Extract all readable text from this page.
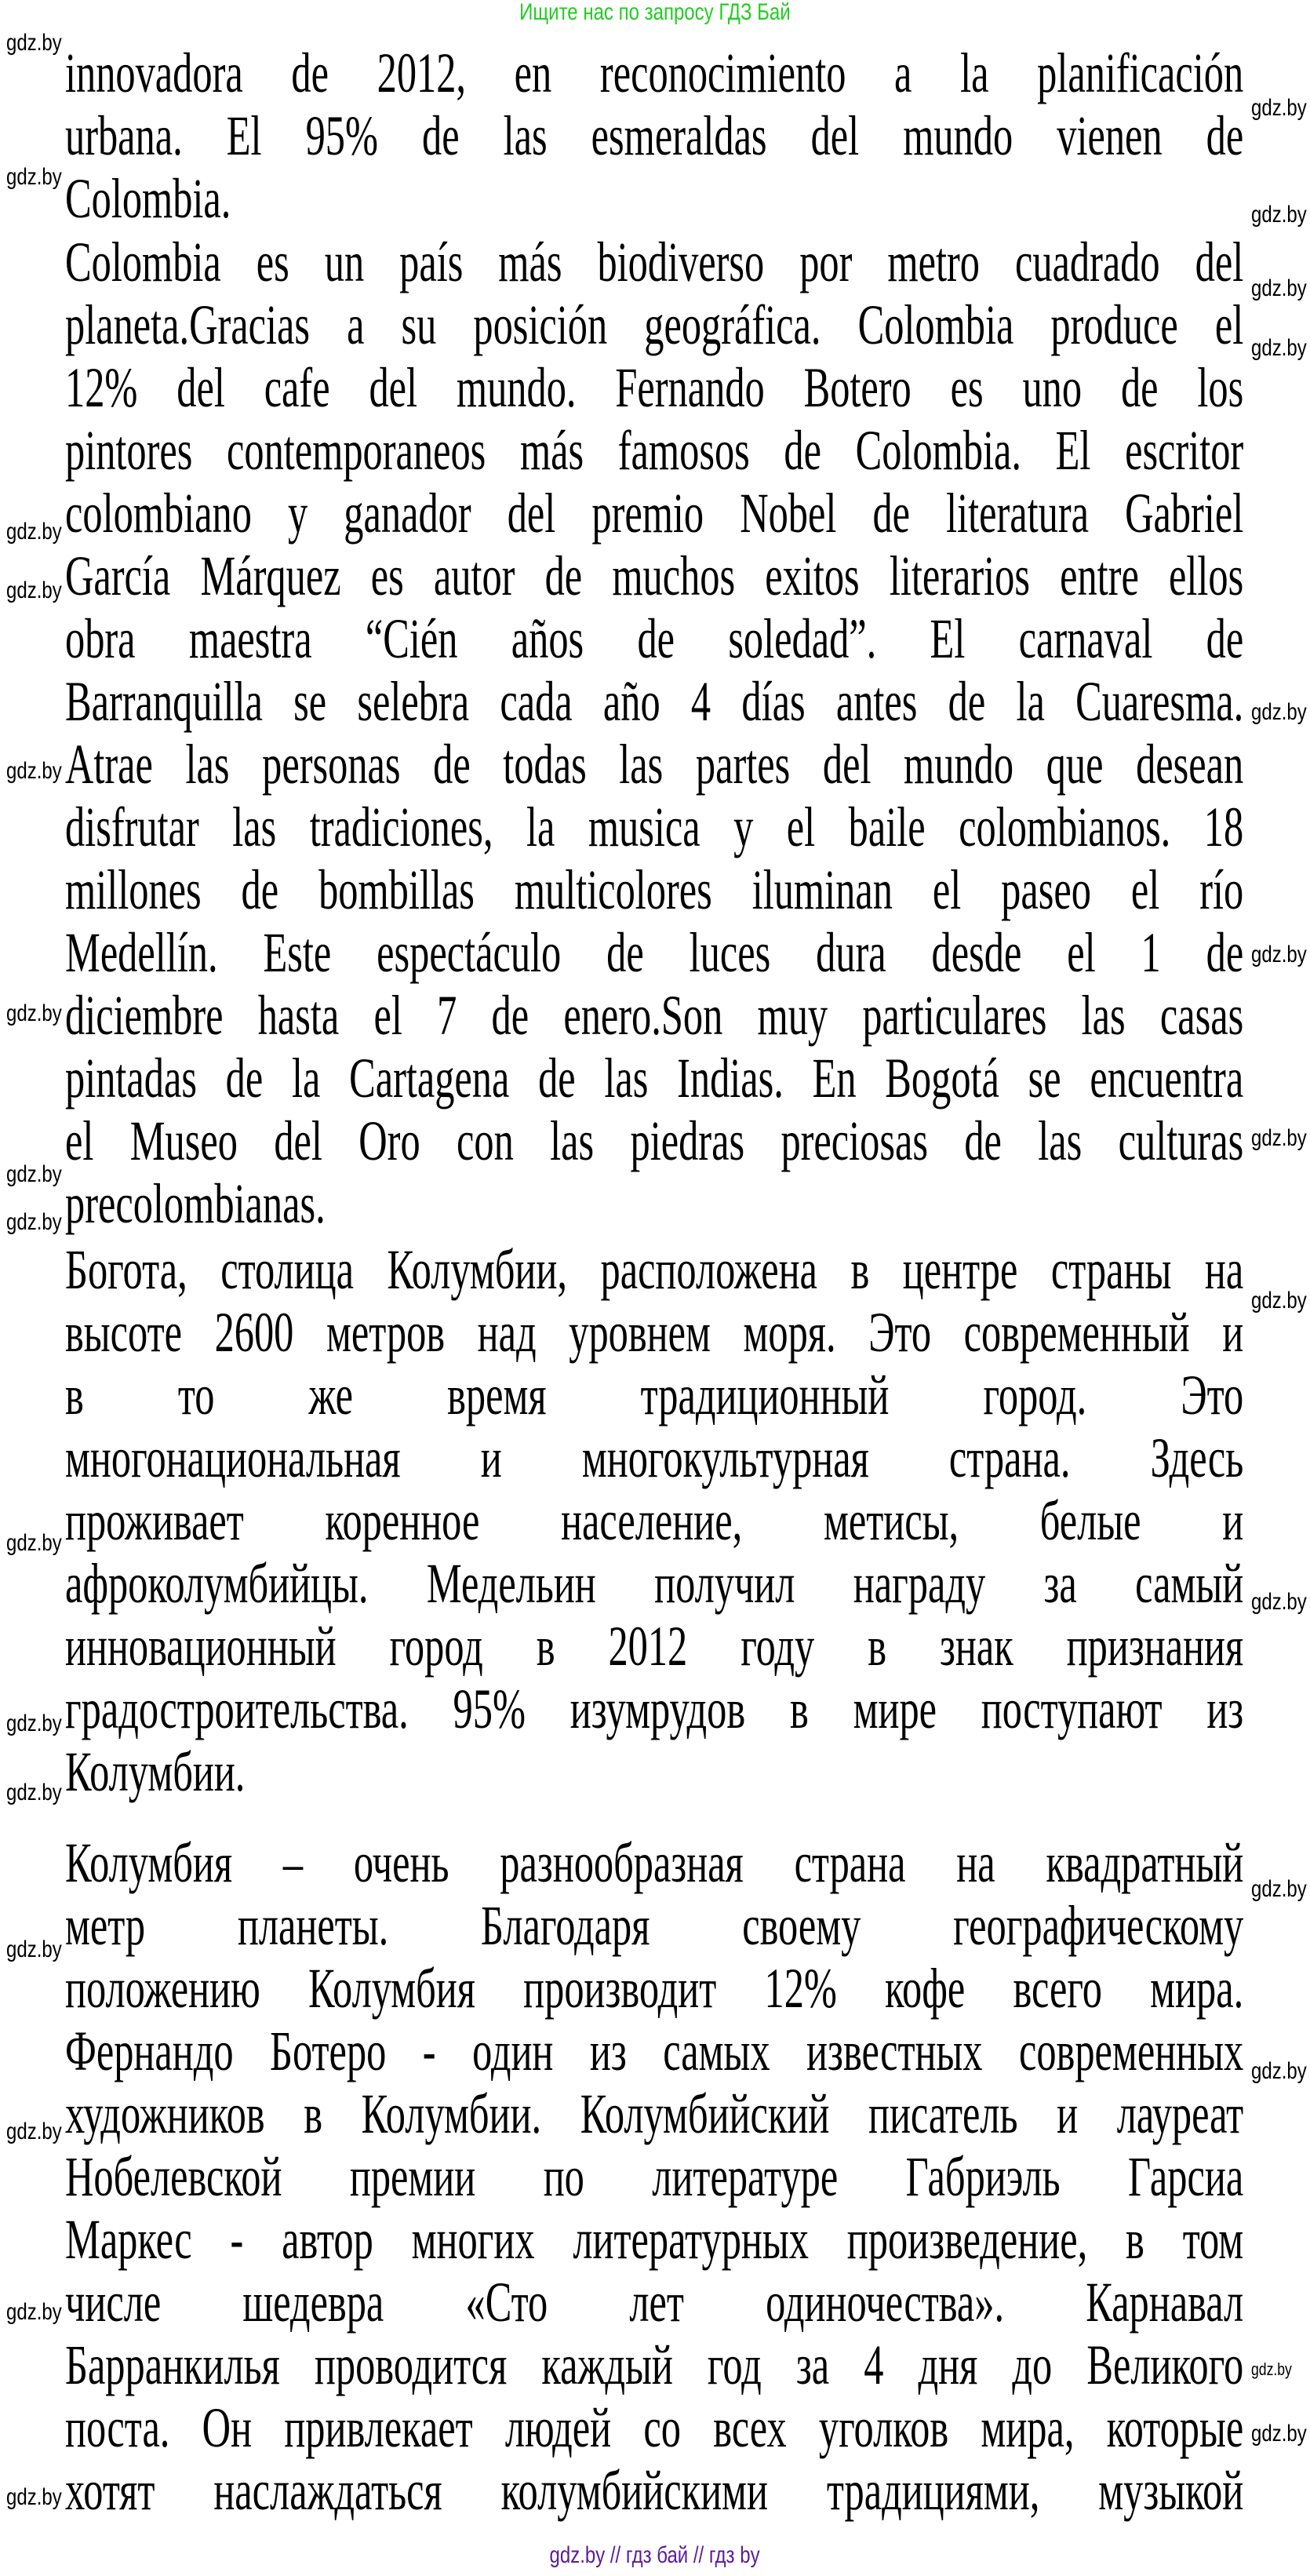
Ищите нас по запросу ГДЗ Бай
innovadora de 2012, en reconocimiento a la planificación
urbana. El 95% de las esmeraldas del mundo vienen de
Colombia.
Colombia es un país más biodiverso por metro cuadrado del
planeta.Gracias a su posición geográfica. Colombia produce el
12% del cafe del mundo. Fernando Botero es uno de los
pintores contemporaneos más famosos de Colombia. El escritor
colombiano y ganador del premio Nobel de literatura Gabriel
García Márquez es autor de muchos exitos literarios entre ellos
obra maestra “Cién años de soledad”. El carnaval de
Barranquilla se selebra cada año 4 días antes de la Cuaresma.
Atrae las personas de todas las partes del mundo que desean
disfrutar las tradiciones, la musica y el baile colombianos. 18
millones de bombillas multicolores iluminan el paseo el río
Medellín. Este espectáculo de luces dura desde el 1 de
diciembre hasta el 7 de enero.Son muy particulares las casas
pintadas de la Cartagena de las Indias. En Bogotá se encuentra
el Museo del Oro con las piedras preciosas de las culturas
precolombianas.
Богота, столица Колумбии, расположена в центре страны на
высоте 2600 метров над уровнем моря. Это современный и
в то же время традиционный город. Это
многонациональная и многокультурная страна. Здесь
проживает коренное население, метисы, белые и
афроколумбийцы. Медельин получил награду за самый
инновационный город в 2012 году в знак признания
градостроительства. 95% изумрудов в мире поступают из
Колумбии.
Колумбия – очень разнообразная страна на квадратный
метр планеты. Благодаря своему географическому
положению Колумбия производит 12% кофе всего мира.
Фернандо Ботеро - один из самых известных современных
художников в Колумбии. Колумбийский писатель и лауреат
Нобелевской премии по литературе Габриэль Гарсиа
Маркес - автор многих литературных произведение, в том
числе шедевра «Сто лет одиночества». Карнавал
Барранкилья проводится каждый год за 4 дня до Великого
поста. Он привлекает людей со всех уголков мира, которые
хотят наслаждаться колумбийскими традициями, музыкой
gdz.by
gdz.by
gdz.by
gdz.by
gdz.by
gdz.by
gdz.by
gdz.by
gdz.by
gdz.by
gdz.by
gdz.by
gdz.by
gdz.by
gdz.by
gdz.by
gdz.by
gdz.by
gdz.by
gdz.by
gdz.by
gdz.by
gdz.by
gdz.by
gdz.by
gdz.by
gdz.by
gdz.by
gdz.by // гдз бай // гдз by
